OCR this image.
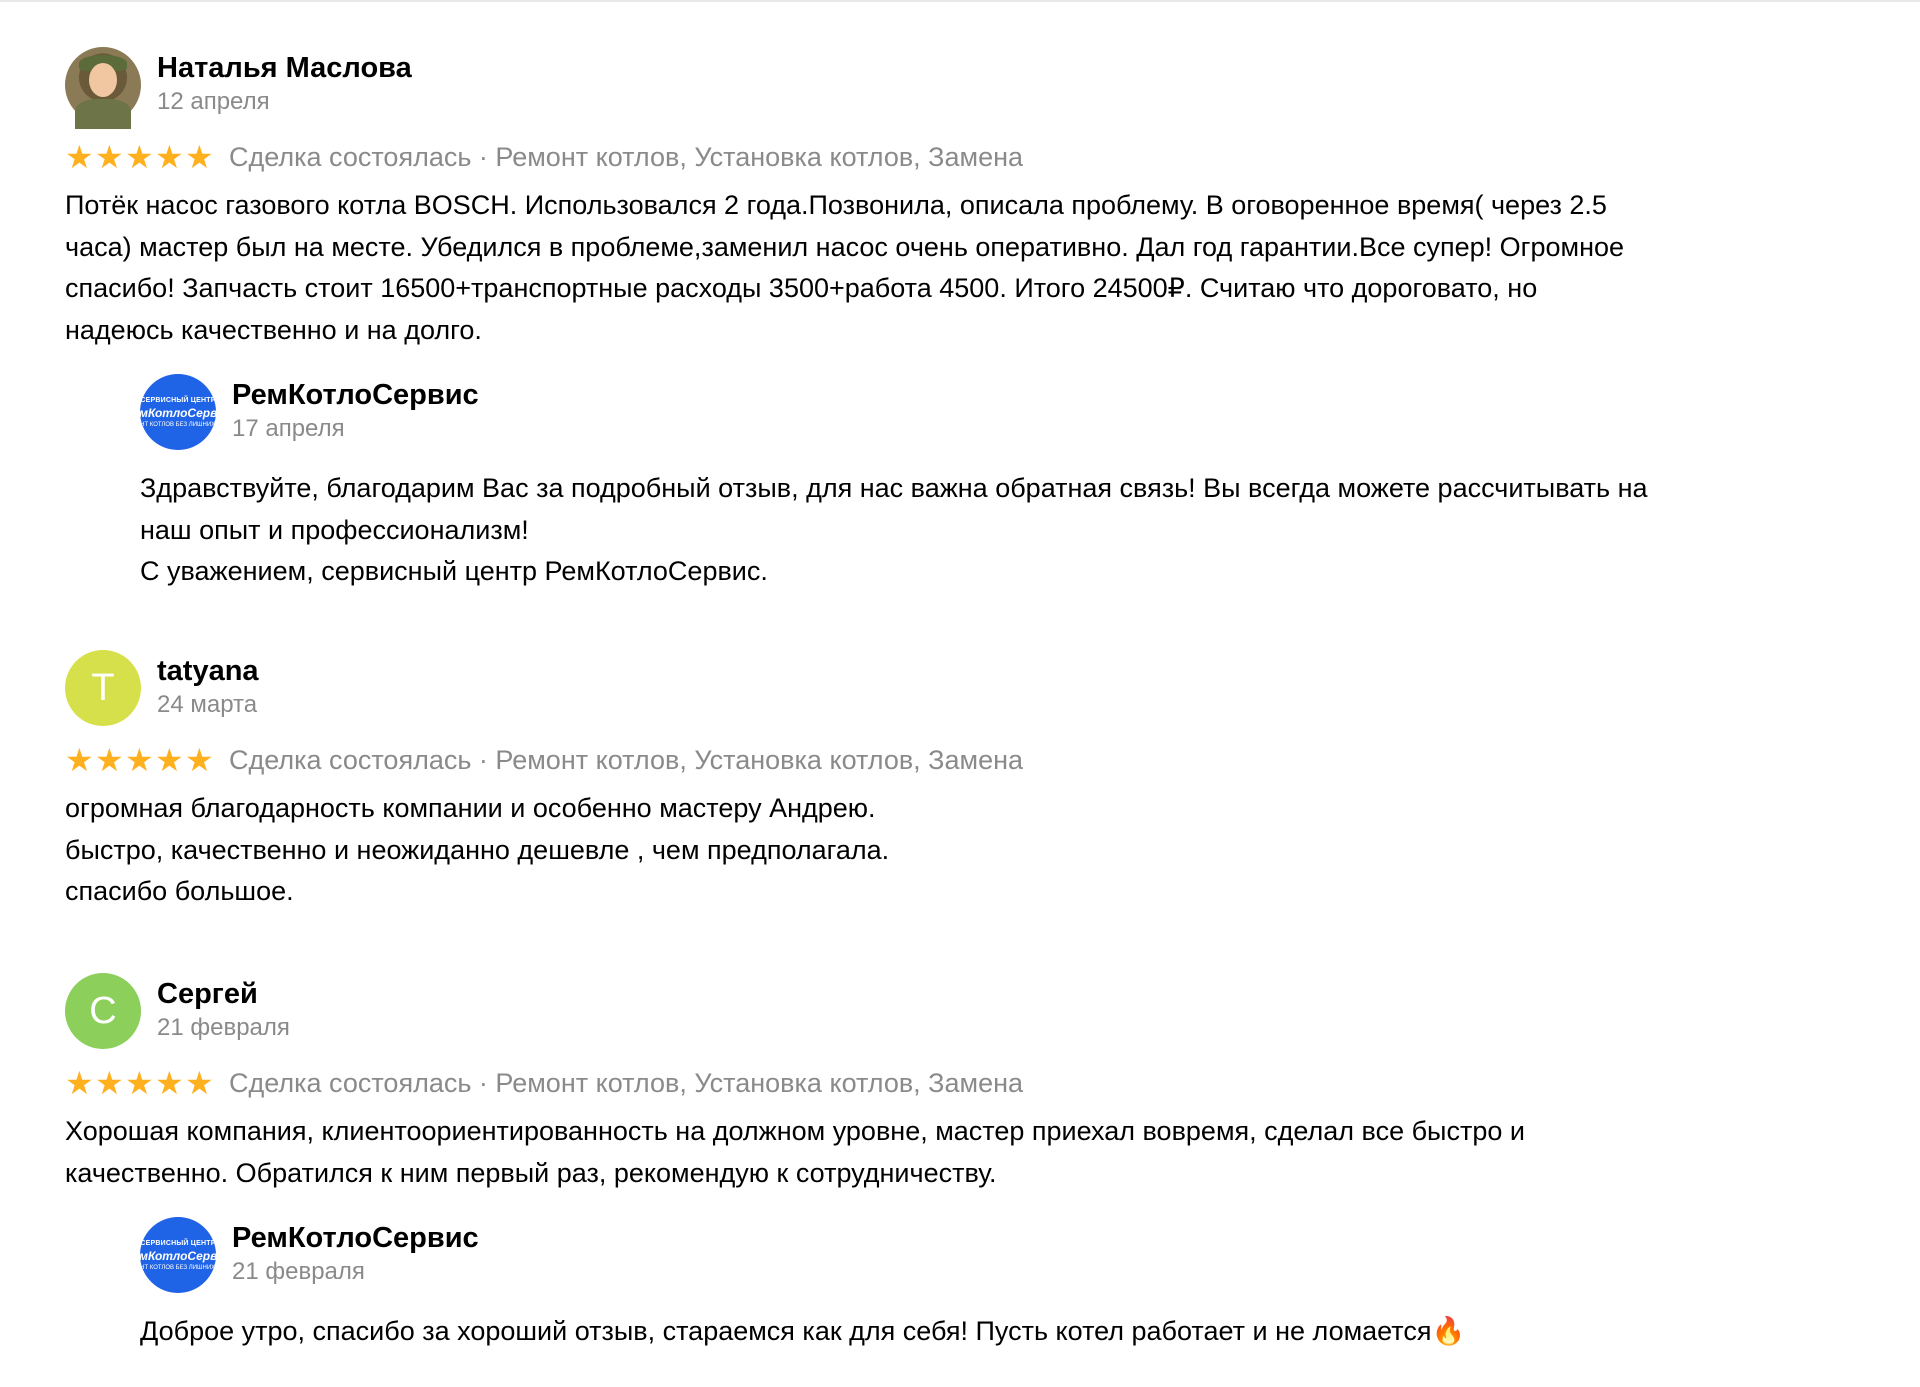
Наталья Маслова
12 апреля
★ ★ ★ ★ ★ Сделка состоялась · Ремонт котлов, Установка котлов, Замена
Потёк насос газового котла BOSCH. Использовался 2 года.Позвонила, описала проблему. В оговоренное время( через 2.5
часа) мастер был на месте. Убедился в проблеме,заменил насос очень оперативно. Дал год гарантии.Все супер! Огромное
спасибо! Запчасть стоит 16500+транспортные расходы 3500+работа 4500. Итого 24500₽. Считаю что дороговато, но
надеюсь качественно и на долго.
СЕРВИСНЫЙ ЦЕНТР
РемКотлоСервис
РЕМОНТ КОТЛОВ БЕЗ ЛИШНИХ СЛОВ
РемКотлоСервис
17 апреля
Здравствуйте, благодарим Вас за подробный отзыв, для нас важна обратная связь! Вы всегда можете рассчитывать на
наш опыт и профессионализм!
С уважением, сервисный центр РемКотлоСервис.
T tatyana
24 марта
★ ★ ★ ★ ★ Сделка состоялась · Ремонт котлов, Установка котлов, Замена
огромная благодарность компании и особенно мастеру Андрею.
быстро, качественно и неожиданно дешевле , чем предполагала.
спасибо большое.
С Сергей
21 февраля
★ ★ ★ ★ ★ Сделка состоялась · Ремонт котлов, Установка котлов, Замена
Хорошая компания, клиентоориентированность на должном уровне, мастер приехал вовремя, сделал все быстро и
качественно. Обратился к ним первый раз, рекомендую к сотрудничеству.
СЕРВИСНЫЙ ЦЕНТР
РемКотлоСервис
РЕМОНТ КОТЛОВ БЕЗ ЛИШНИХ СЛОВ
РемКотлоСервис
21 февраля
Доброе утро, спасибо за хороший отзыв, стараемся как для себя! Пусть котел работает и не ломается🔥
